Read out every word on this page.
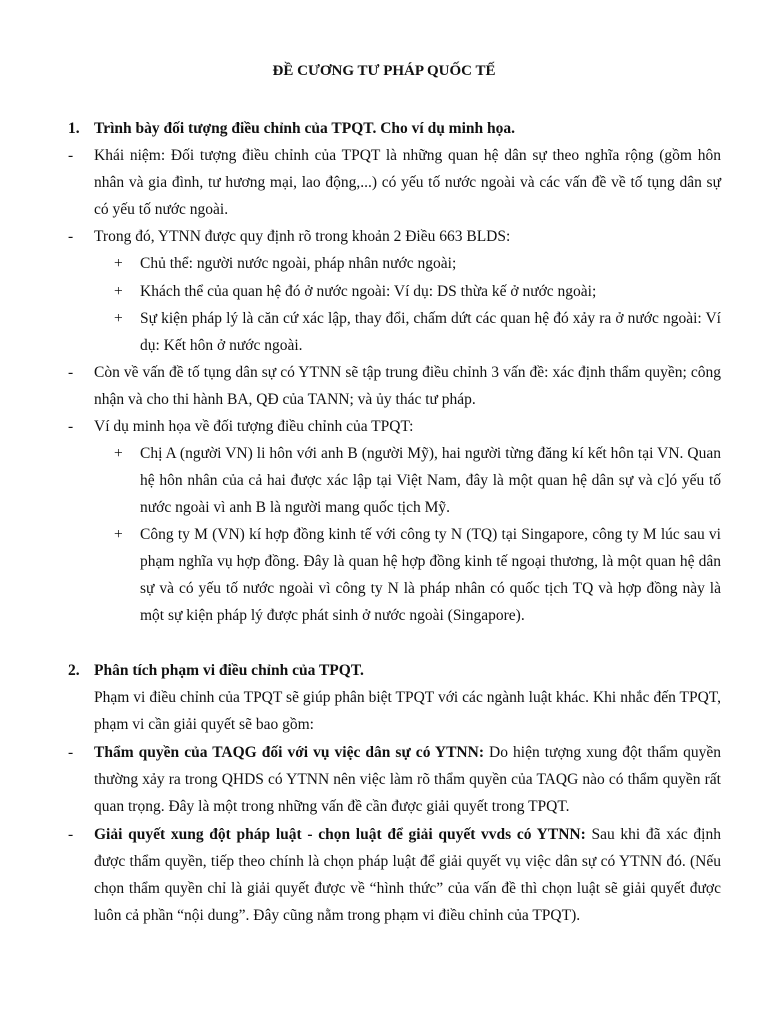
ĐỀ CƯƠNG TƯ PHÁP QUỐC TẾ
1. Trình bày đối tượng điều chỉnh của TPQT. Cho ví dụ minh họa.
- Khái niệm: Đối tượng điều chỉnh của TPQT là những quan hệ dân sự theo nghĩa rộng (gồm hôn nhân và gia đình, tư hương mại, lao động,...) có yếu tố nước ngoài và các vấn đề về tố tụng dân sự có yếu tố nước ngoài.
- Trong đó, YTNN được quy định rõ trong khoản 2 Điều 663 BLDS:
+ Chủ thể: người nước ngoài, pháp nhân nước ngoài;
+ Khách thể của quan hệ đó ở nước ngoài: Ví dụ: DS thừa kế ở nước ngoài;
+ Sự kiện pháp lý là căn cứ xác lập, thay đổi, chấm dứt các quan hệ đó xảy ra ở nước ngoài: Ví dụ: Kết hôn ở nước ngoài.
- Còn về vấn đề tố tụng dân sự có YTNN sẽ tập trung điều chỉnh 3 vấn đề: xác định thẩm quyền; công nhận và cho thi hành BA, QĐ của TANN; và ủy thác tư pháp.
- Ví dụ minh họa về đối tượng điều chỉnh của TPQT:
+ Chị A (người VN) li hôn với anh B (người Mỹ), hai người từng đăng kí kết hôn tại VN. Quan hệ hôn nhân của cả hai được xác lập tại Việt Nam, đây là một quan hệ dân sự và c]ó yếu tố nước ngoài vì anh B là người mang quốc tịch Mỹ.
+ Công ty M (VN) kí hợp đồng kinh tế với công ty N (TQ) tại Singapore, công ty M lúc sau vi phạm nghĩa vụ hợp đồng. Đây là quan hệ hợp đồng kinh tế ngoại thương, là một quan hệ dân sự và có yếu tố nước ngoài vì công ty N là pháp nhân có quốc tịch TQ và hợp đồng này là một sự kiện pháp lý được phát sinh ở nước ngoài (Singapore).
2. Phân tích phạm vi điều chỉnh của TPQT.
Phạm vi điều chỉnh của TPQT sẽ giúp phân biệt TPQT với các ngành luật khác. Khi nhắc đến TPQT, phạm vi cần giải quyết sẽ bao gồm:
- Thẩm quyền của TAQG đối với vụ việc dân sự có YTNN: Do hiện tượng xung đột thẩm quyền thường xảy ra trong QHDS có YTNN nên việc làm rõ thẩm quyền của TAQG nào có thẩm quyền rất quan trọng. Đây là một trong những vấn đề cần được giải quyết trong TPQT.
- Giải quyết xung đột pháp luật - chọn luật để giải quyết vvds có YTNN: Sau khi đã xác định được thẩm quyền, tiếp theo chính là chọn pháp luật để giải quyết vụ việc dân sự có YTNN đó. (Nếu chọn thẩm quyền chỉ là giải quyết được về “hình thức” của vấn đề thì chọn luật sẽ giải quyết được luôn cả phần “nội dung”. Đây cũng nằm trong phạm vi điều chỉnh của TPQT).
